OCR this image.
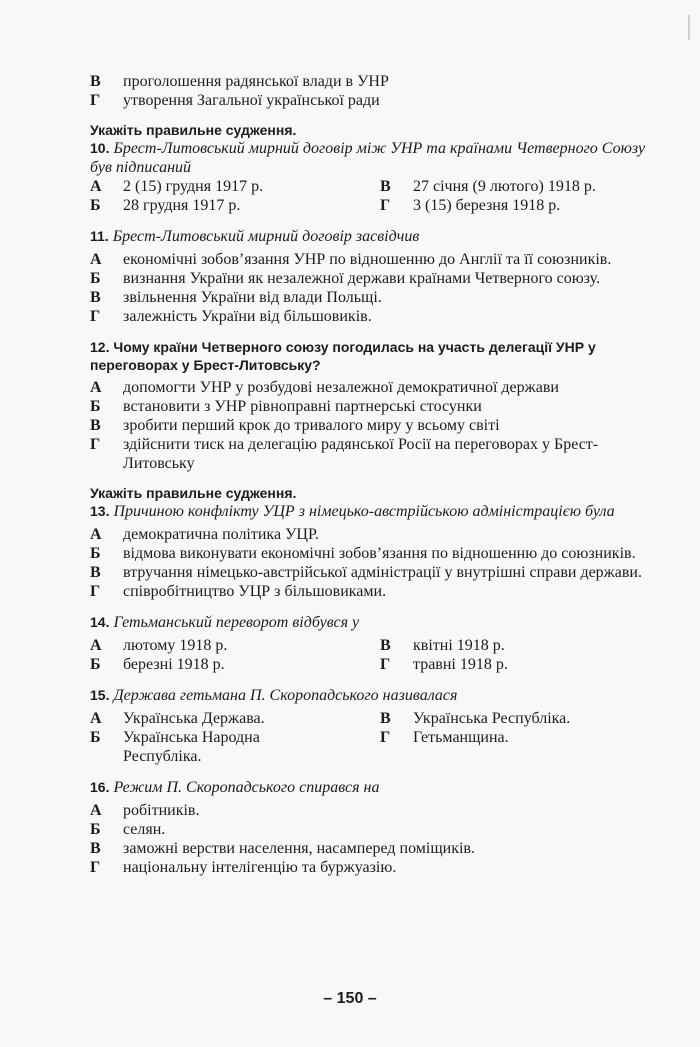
В	проголошення радянської влади в УНР
Г	утворення Загальної української ради
Укажіть правильне судження.
10. Брест-Литовський мирний договір між УНР та країнами Четверного Союзу був підписаний
А	2 (15) грудня 1917 р.
Б	28 грудня 1917 р.
В	27 січня (9 лютого) 1918 р.
Г	3 (15) березня 1918 р.
11. Брест-Литовський мирний договір засвідчив
А	економічні зобов’язання УНР по відношенню до Англії та її союзників.
Б	визнання України як незалежної держави країнами Четверного союзу.
В	звільнення України від влади Польщі.
Г	залежність України від більшовиків.
12. Чому країни Четверного союзу погодилась на участь делегації УНР у переговорах у Брест-Литовську?
А	допомогти УНР у розбудові незалежної демократичної держави
Б	встановити з УНР рівноправні партнерські стосунки
В	зробити перший крок до тривалого миру у всьому світі
Г	здійснити тиск на делегацію радянської Росії на переговорах у Брест-Литовську
Укажіть правильне судження.
13. Причиною конфлікту УЦР з німецько-австрійською адміністрацією була
А	демократична політика УЦР.
Б	відмова виконувати економічні зобов’язання по відношенню до союзників.
В	втручання німецько-австрійської адміністрації у внутрішні справи держави.
Г	співробітництво УЦР з більшовиками.
14. Гетьманський переворот відбувся у
А	лютому 1918 р.
Б	березні 1918 р.
В	квітні 1918 р.
Г	травні 1918 р.
15. Держава гетьмана П. Скоропадського називалася
А	Українська Держава.
Б	Українська Народна Республіка.
В	Українська Республіка.
Г	Гетьманщина.
16. Режим П. Скоропадського спирався на
А	робітників.
Б	селян.
В	заможні верстви населення, насамперед поміщиків.
Г	національну інтелігенцію та буржуазію.
– 150 –
